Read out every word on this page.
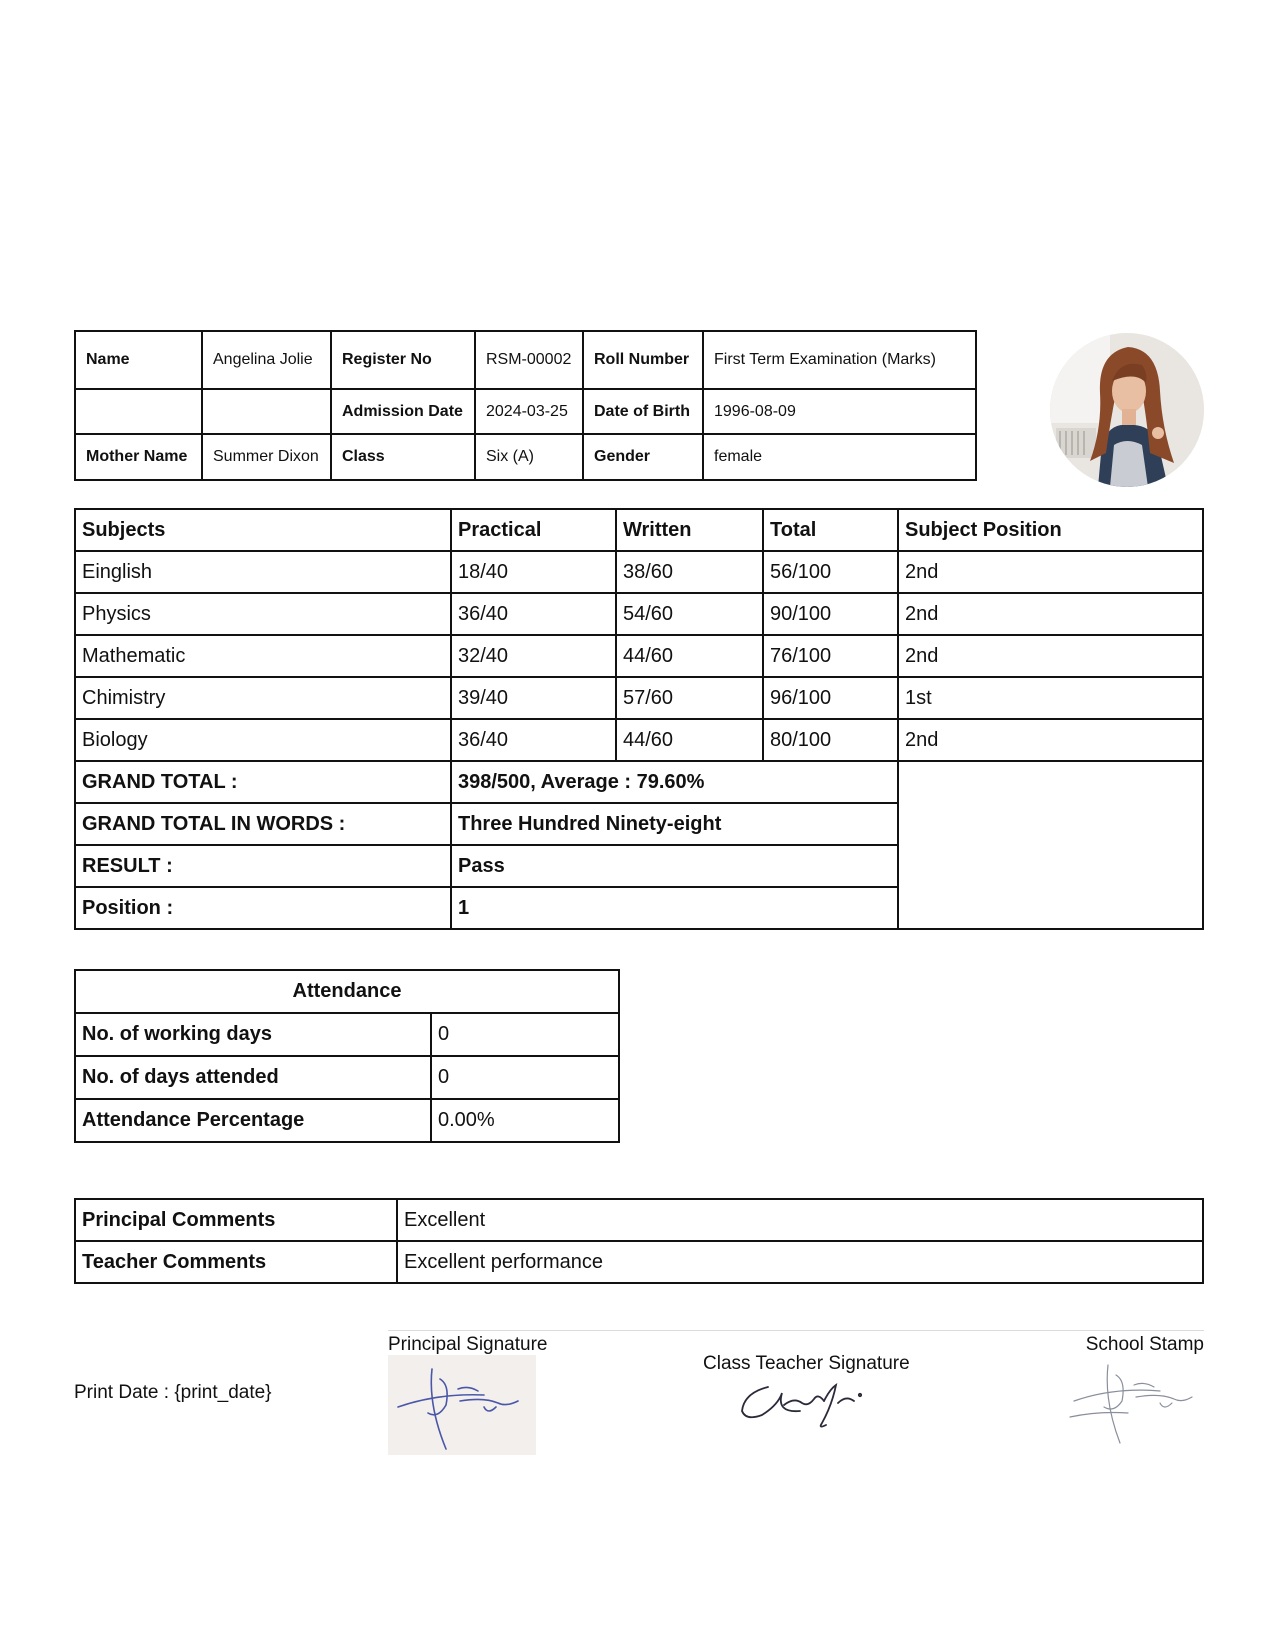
Name	Angelina Jolie	Register No	RSM-00002	Roll Number	First Term Examination (Marks)
		Admission Date	2024-03-25	Date of Birth	1996-08-09
Mother Name	Summer Dixon	Class	Six (A)	Gender	female
Subjects	Practical	Written	Total	Subject Position
Einglish	18/40	38/60	56/100	2nd
Physics	36/40	54/60	90/100	2nd
Mathematic	32/40	44/60	76/100	2nd
Chimistry	39/40	57/60	96/100	1st
Biology	36/40	44/60	80/100	2nd
GRAND TOTAL :	398/500, Average : 79.60%			
GRAND TOTAL IN WORDS :	Three Hundred Ninety-eight			
RESULT :	Pass			
Position :	1			
Attendance	
No. of working days	0
No. of days attended	0
Attendance Percentage	0.00%
Principal Comments	Excellent
Teacher Comments	Excellent performance
Print Date : {print_date}
Principal Signature
Class Teacher Signature
School Stamp
